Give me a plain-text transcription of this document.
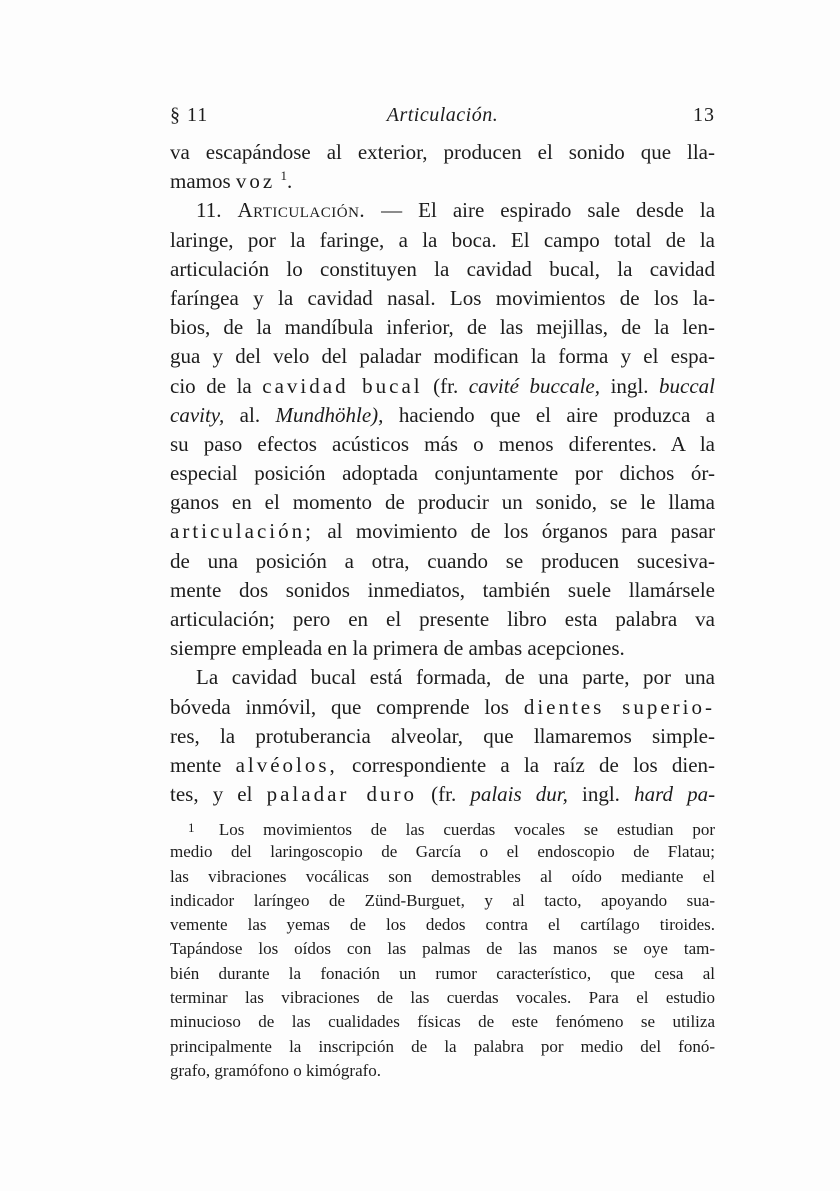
§ 11	Articulación.	13
va escapándose al exterior, producen el sonido que lla-
mamos voz $^1$.
11. Articulación. — El aire espirado sale desde la
laringe, por la faringe, a la boca. El campo total de la
articulación lo constituyen la cavidad bucal, la cavidad
faríngea y la cavidad nasal. Los movimientos de los la-
bios, de la mandíbula inferior, de las mejillas, de la len-
gua y del velo del paladar modifican la forma y el espa-
cio de la cavidad bucal (fr. cavité buccale, ingl. buccal
cavity, al. Mundhöhle), haciendo que el aire produzca a
su paso efectos acústicos más o menos diferentes. A la
especial posición adoptada conjuntamente por dichos ór-
ganos en el momento de producir un sonido, se le llama
articulación; al movimiento de los órganos para pasar
de una posición a otra, cuando se producen sucesiva-
mente dos sonidos inmediatos, también suele llamársele
articulación; pero en el presente libro esta palabra va
siempre empleada en la primera de ambas acepciones.
La cavidad bucal está formada, de una parte, por una
bóveda inmóvil, que comprende los dientes superio-
res, la protuberancia alveolar, que llamaremos simple-
mente alvéolos, correspondiente a la raíz de los dien-
tes, y el paladar duro (fr. palais dur, ingl. hard pa-
1 Los movimientos de las cuerdas vocales se estudian por
medio del laringoscopio de García o el endoscopio de Flatau;
las vibraciones vocálicas son demostrables al oído mediante el
indicador laríngeo de Zünd-Burguet, y al tacto, apoyando sua-
vemente las yemas de los dedos contra el cartílago tiroides.
Tapándose los oídos con las palmas de las manos se oye tam-
bién durante la fonación un rumor característico, que cesa al
terminar las vibraciones de las cuerdas vocales. Para el estudio
minucioso de las cualidades físicas de este fenómeno se utiliza
principalmente la inscripción de la palabra por medio del fonó-
grafo, gramófono o kimógrafo.
